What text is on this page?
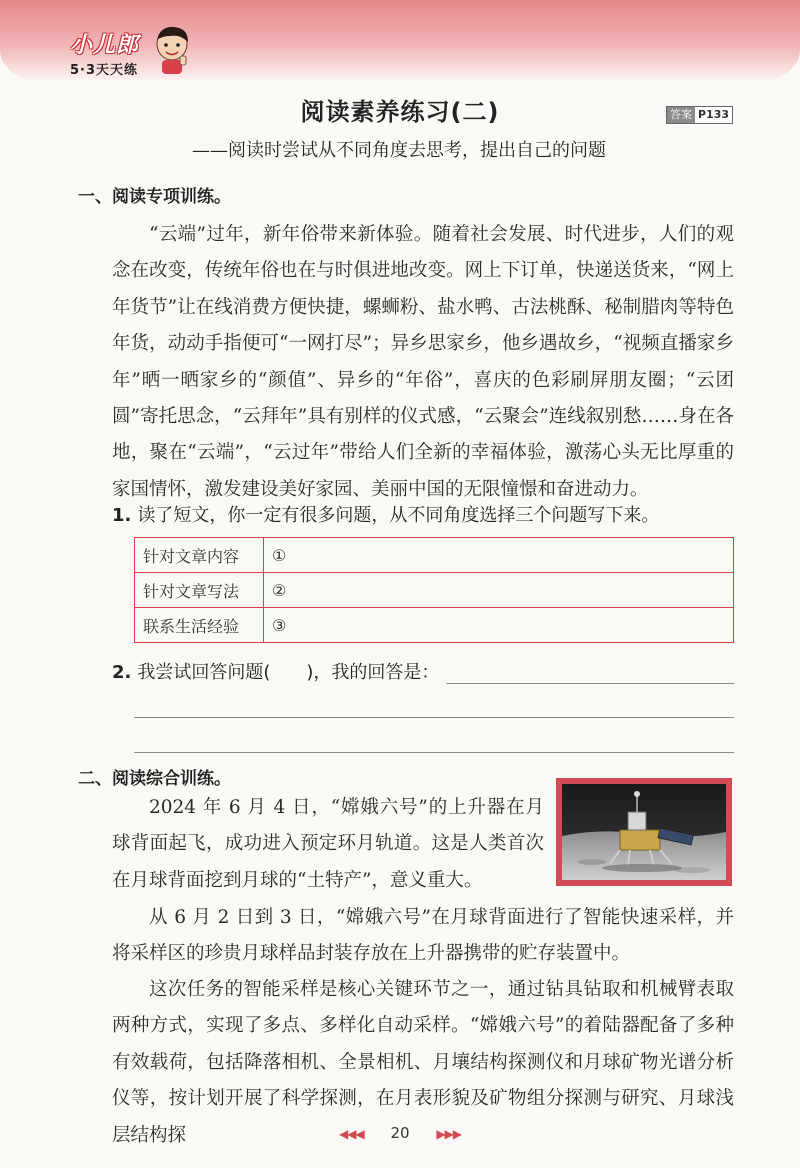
小儿郎
5·3天天练
阅读素养练习(二)	答案 P133
——阅读时尝试从不同角度去思考，提出自己的问题
一、阅读专项训练。

“云端”过年，新年俗带来新体验。随着社会发展、时代进步，人们的观念在改变，传统年俗也在与时俱进地改变。网上下订单，快递送货来，“网上年货节”让在线消费方便快捷，螺蛳粉、盐水鸭、古法桃酥、秘制腊肉等特色年货，动动手指便可“一网打尽”；异乡思家乡，他乡遇故乡，“视频直播家乡年”晒一晒家乡的“颜值”、异乡的“年俗”，喜庆的色彩刷屏朋友圈；“云团圆”寄托思念，“云拜年”具有别样的仪式感，“云聚会”连线叙别愁……身在各地，聚在“云端”，“云过年”带给人们全新的幸福体验，激荡心头无比厚重的家国情怀，激发建设美好家园、美丽中国的无限憧憬和奋进动力。

1. 读了短文，你一定有很多问题，从不同角度选择三个问题写下来。
针对文章内容	①
针对文章写法	②
联系生活经验	③
2. 我尝试回答问题(　　)，我的回答是：
二、阅读综合训练。

2024 年 6 月 4 日，“嫦娥六号”的上升器在月球背面起飞，成功进入预定环月轨道。这是人类首次在月球背面挖到月球的“土特产”，意义重大。

从 6 月 2 日到 3 日，“嫦娥六号”在月球背面进行了智能快速采样，并将采样区的珍贵月球样品封装存放在上升器携带的贮存装置中。

这次任务的智能采样是核心关键环节之一，通过钻具钻取和机械臂表取两种方式，实现了多点、多样化自动采样。“嫦娥六号”的着陆器配备了多种有效载荷，包括降落相机、全景相机、月壤结构探测仪和月球矿物光谱分析仪等，按计划开展了科学探测，在月表形貌及矿物组分探测与研究、月球浅层结构探	◀◀◀ 20 ▶▶▶
